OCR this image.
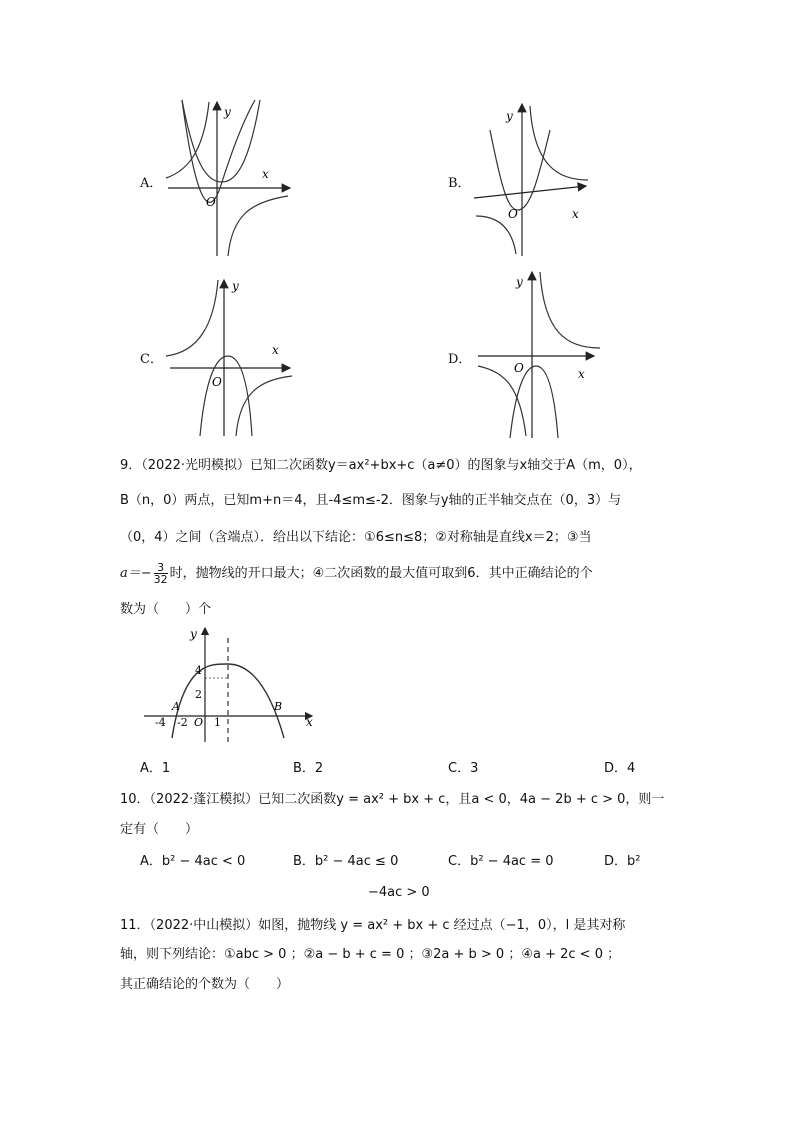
A．
y
x
O
B．
y
x
O
C．
y
x
O
D．
y
x
O
9．（2022·光明模拟）已知二次函数y＝ax²+bx+c（a≠0）的图象与x轴交于A（m，0），
B（n，0）两点，已知m+n＝4，且-4≤m≤-2．图象与y轴的正半轴交点在（0，3）与
（0，4）之间（含端点）．给出以下结论：①6≤n≤8；②对称轴是直线x＝2；③当
$a=- \frac{3}{32}$ 时，抛物线的开口最大；④二次函数的最大值可取到6．其中正确结论的个
数为（　　）个
y
x
4
2
-4 -2 O 1
A	B
A．1	B．2	C．3	D．4
10．（2022·蓬江模拟）已知二次函数y = ax² + bx + c，且a < 0，4a − 2b + c > 0，则一
定有（　　）
A．b² − 4ac < 0	B．b² − 4ac ≤ 0	C．b² − 4ac = 0	D．b²
−4ac > 0
11．（2022·中山模拟）如图，抛物线 y = ax² + bx + c 经过点（−1，0），l 是其对称
轴，则下列结论：①abc > 0 ；②a − b + c = 0 ；③2a + b > 0 ；④a + 2c < 0 ；
其正确结论的个数为（　　）
